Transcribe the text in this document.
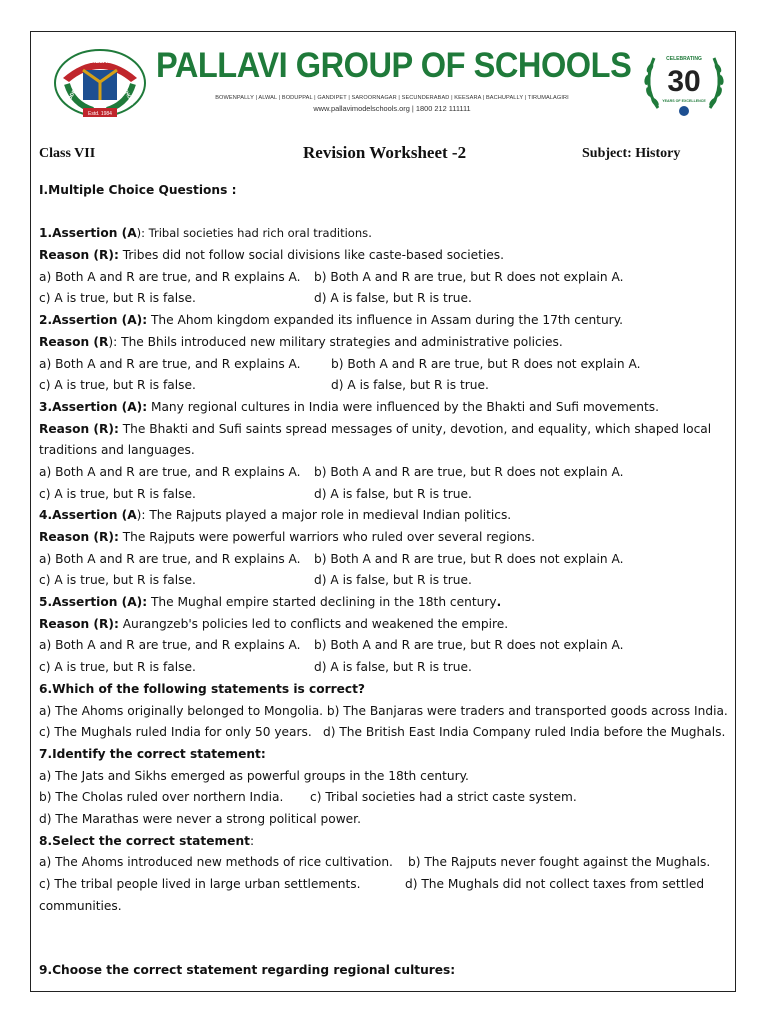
PALLAVI
MODEL	SCHOOL
Estd. 1984
PALLAVI GROUP OF SCHOOLS
BOWENPALLY | ALWAL | BODUPPAL | GANDIPET | SAROORNAGAR | SECUNDERABAD | KEESARA | BACHUPALLY | TIRUMALAGIRI
www.pallavimodelschools.org | 1800 212 111111
CELEBRATING
30
YEARS OF EXCELLENCE
Class VII	Revision Worksheet -2	Subject: History
I.Multiple Choice Questions :
1.Assertion (A): Tribal societies had rich oral traditions.
Reason (R): Tribes did not follow social divisions like caste-based societies.
a) Both A and R are true, and R explains A. b) Both A and R are true, but R does not explain A.
c) A is true, but R is false.	d) A is false, but R is true.
2.Assertion (A): The Ahom kingdom expanded its influence in Assam during the 17th century.
Reason (R): The Bhils introduced new military strategies and administrative policies.
a) Both A and R are true, and R explains A. b) Both A and R are true, but R does not explain A.
c) A is true, but R is false.	d) A is false, but R is true.
3.Assertion (A): Many regional cultures in India were influenced by the Bhakti and Sufi movements.
Reason (R): The Bhakti and Sufi saints spread messages of unity, devotion, and equality, which shaped local
traditions and languages.
a) Both A and R are true, and R explains A. b) Both A and R are true, but R does not explain A.
c) A is true, but R is false.	d) A is false, but R is true.
4.Assertion (A): The Rajputs played a major role in medieval Indian politics.
Reason (R): The Rajputs were powerful warriors who ruled over several regions.
a) Both A and R are true, and R explains A. b) Both A and R are true, but R does not explain A.
c) A is true, but R is false.	d) A is false, but R is true.
5.Assertion (A): The Mughal empire started declining in the 18th century.
Reason (R): Aurangzeb's policies led to conflicts and weakened the empire.
a) Both A and R are true, and R explains A. b) Both A and R are true, but R does not explain A.
c) A is true, but R is false.	d) A is false, but R is true.
6.Which of the following statements is correct?
a) The Ahoms originally belonged to Mongolia. b) The Banjaras were traders and transported goods across India.
c) The Mughals ruled India for only 50 years. d) The British East India Company ruled India before the Mughals.
7.Identify the correct statement:
a) The Jats and Sikhs emerged as powerful groups in the 18th century.
b) The Cholas ruled over northern India. c) Tribal societies had a strict caste system.
d) The Marathas were never a strong political power.
8.Select the correct statement:
a) The Ahoms introduced new methods of rice cultivation. b) The Rajputs never fought against the Mughals.
c) The tribal people lived in large urban settlements.	d) The Mughals did not collect taxes from settled
communities.
9.Choose the correct statement regarding regional cultures:
